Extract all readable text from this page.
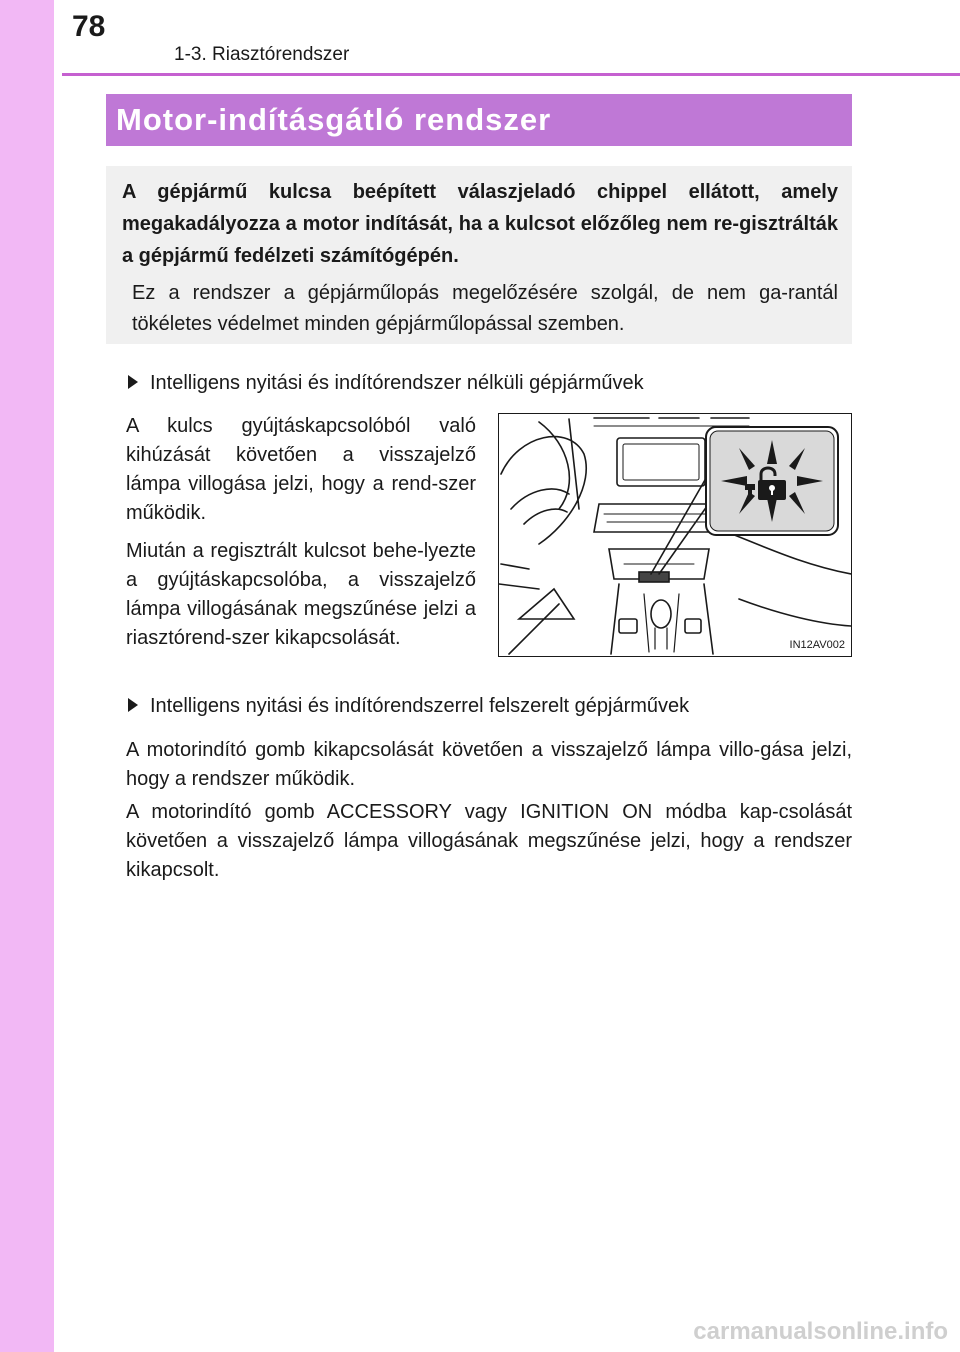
78
1-3. Riasztórendszer
Motor-indításgátló rendszer
A gépjármű kulcsa beépített válaszjeladó chippel ellátott, amely megakadályozza a motor indítását, ha a kulcsot előzőleg nem re-gisztrálták a gépjármű fedélzeti számítógépén.
Ez a rendszer a gépjárműlopás megelőzésére szolgál, de nem ga-rantál tökéletes védelmet minden gépjárműlopással szemben.
Intelligens nyitási és indítórendszer nélküli gépjárművek
A kulcs gyújtáskapcsolóból való kihúzását követően a visszajelző lámpa villogása jelzi, hogy a rend-szer működik.
Miután a regisztrált kulcsot behe-lyezte a gyújtáskapcsolóba, a visszajelző lámpa villogásának megszűnése jelzi a riasztórend-szer kikapcsolását.	IN12AV002
Intelligens nyitási és indítórendszerrel felszerelt gépjárművek
A motorindító gomb kikapcsolását követően a visszajelző lámpa villo-gása jelzi, hogy a rendszer működik.
A motorindító gomb ACCESSORY vagy IGNITION ON módba kap-csolását követően a visszajelző lámpa villogásának megszűnése jelzi, hogy a rendszer kikapcsolt.
carmanualsonline.info
